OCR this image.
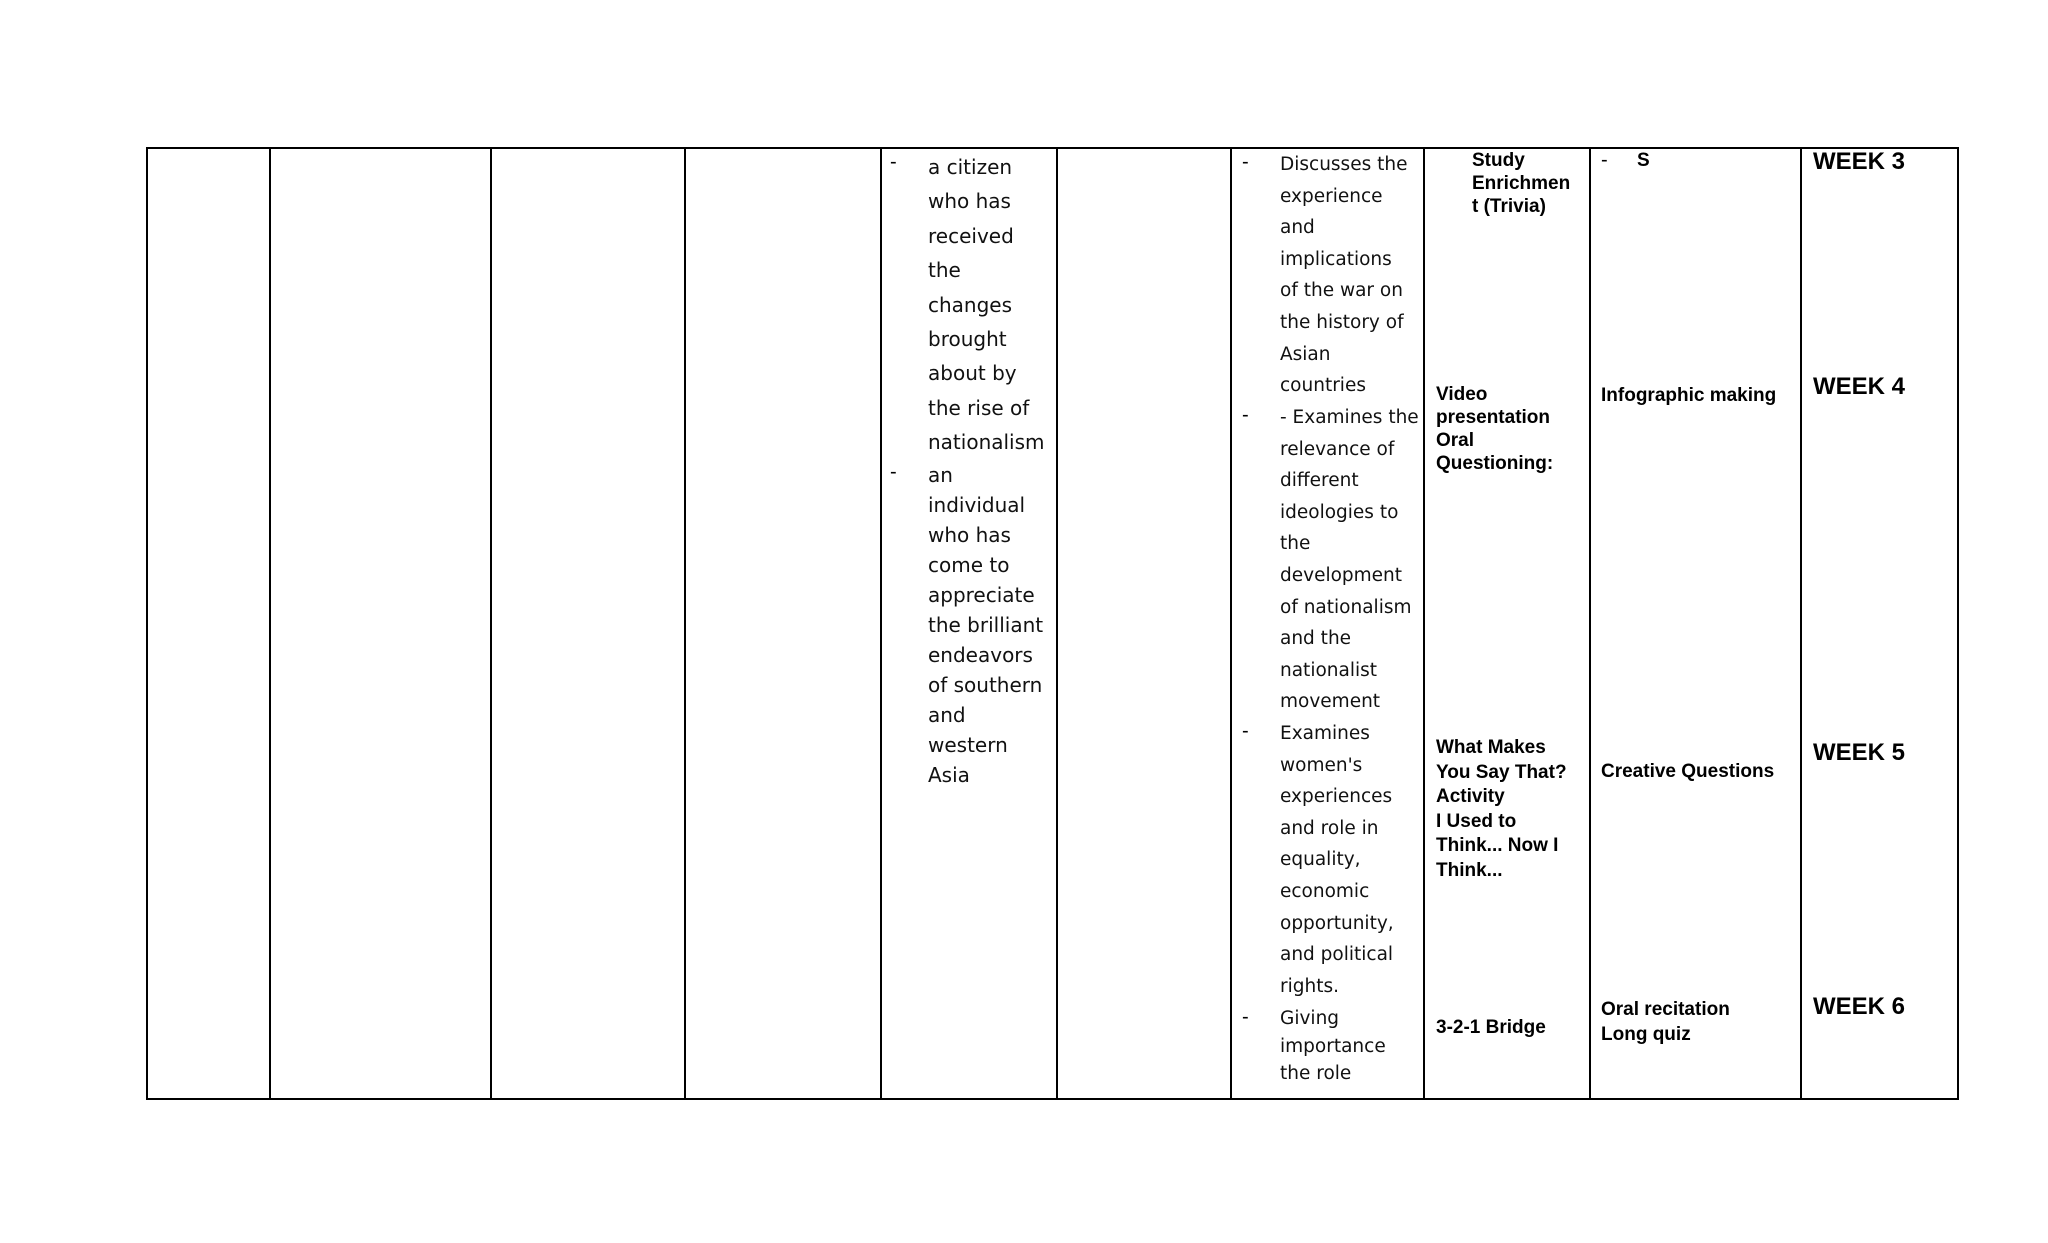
- a citizen
who has
received
the
changes
brought
about by
the rise of
nationalism
- an
individual
who has
come to
appreciate
the brilliant
endeavors
of southern
and
western
Asia
- Discusses the
experience
and
implications
of the war on
the history of
Asian
countries
- - Examines the
relevance of
different
ideologies to
the
development
of nationalism
and the
nationalist
movement
- Examines
women's
experiences
and role in
equality,
economic
opportunity,
and political
rights.
- Giving
importance
the role
Study
Enrichmen
t (Trivia)
Video
presentation
Oral
Questioning:
What Makes
You Say That?
Activity
I Used to
Think... Now I
Think...
3-2-1 Bridge
- S
Infographic making
Creative Questions
Oral recitation
Long quiz
WEEK 3
WEEK 4
WEEK 5
WEEK 6
